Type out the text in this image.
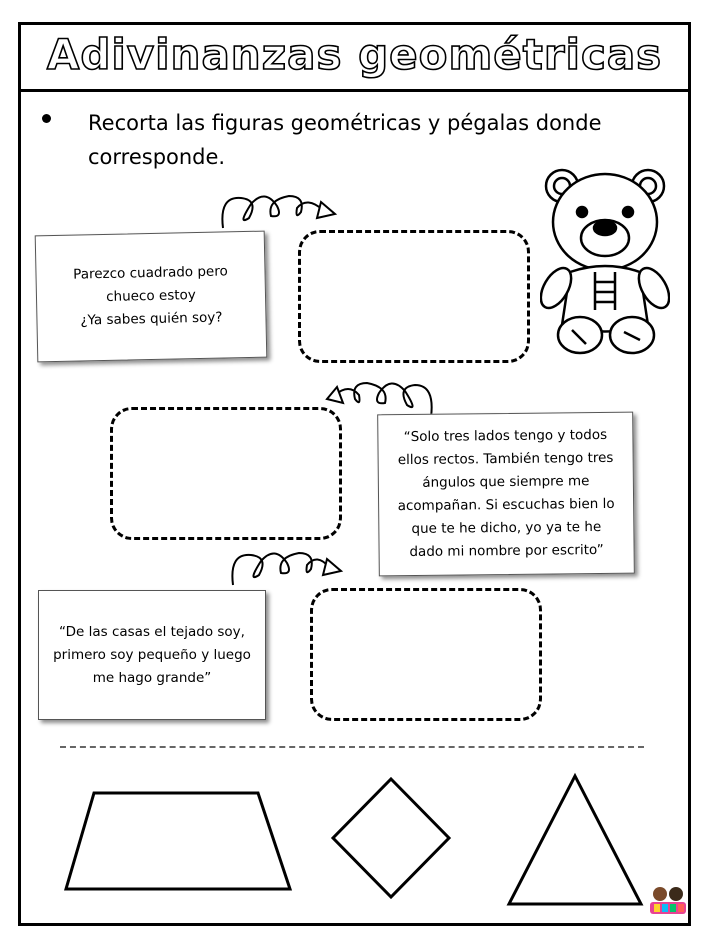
Adivinanzas geométricas
Recorta las figuras geométricas y pégalas donde corresponde.
Parezco cuadrado pero
chueco estoy
¿Ya sabes quién soy?
“Solo tres lados tengo y todos
ellos rectos. También tengo tres
ángulos que siempre me
acompañan. Si escuchas bien lo
que te he dicho, yo ya te he
dado mi nombre por escrito”
“De las casas el tejado soy,
primero soy pequeño y luego
me hago grande”
